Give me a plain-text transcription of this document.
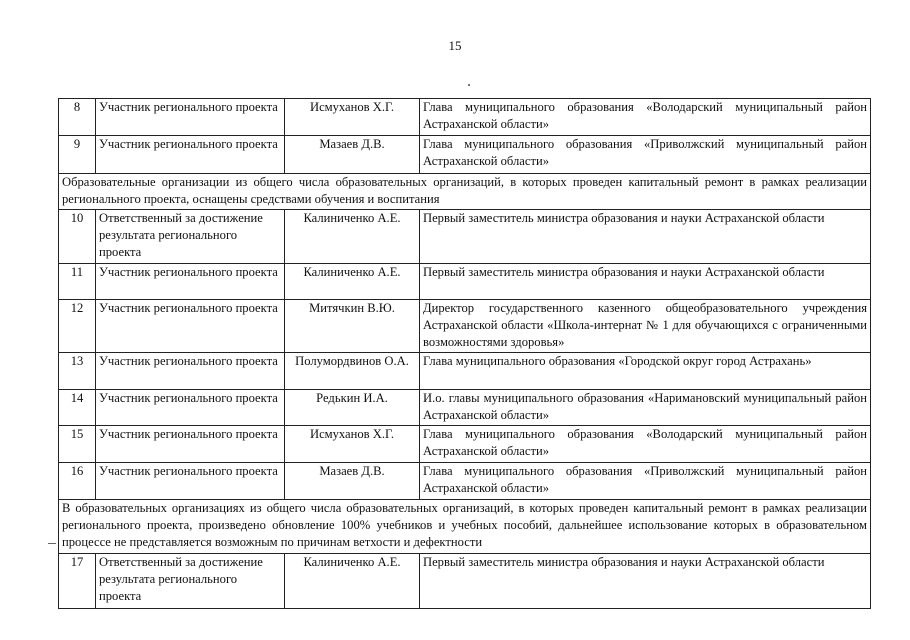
15
8	Участник регионального проекта	Исмуханов Х.Г.	Глава муниципального образования «Володарский муниципальный район Астраханской области»
9	Участник регионального проекта	Мазаев Д.В.	Глава муниципального образования «Приволжский муниципальный район Астраханской области»
Образовательные организации из общего числа образовательных организаций, в которых проведен капитальный ремонт в рамках реализации регионального проекта, оснащены средствами обучения и воспитания			
10	Ответственный за достижение результата регионального проекта	Калиниченко А.Е.	Первый заместитель министра образования и науки Астраханской области
11	Участник регионального проекта	Калиниченко А.Е.	Первый заместитель министра образования и науки Астраханской области
12	Участник регионального проекта	Митячкин В.Ю.	Директор государственного казенного общеобразовательного учреждения Астраханской области «Школа-интернат № 1 для обучающихся с ограниченными возможностями здоровья»
13	Участник регионального проекта	Полумордвинов О.А.	Глава муниципального образования «Городской округ город Астрахань»
14	Участник регионального проекта	Редькин И.А.	И.о. главы муниципального образования «Наримановский муниципальный район Астраханской области»
15	Участник регионального проекта	Исмуханов Х.Г.	Глава муниципального образования «Володарский муниципальный район Астраханской области»
16	Участник регионального проекта	Мазаев Д.В.	Глава муниципального образования «Приволжский муниципальный район Астраханской области»
В образовательных организациях из общего числа образовательных организаций, в которых проведен капитальный ремонт в рамках реализации регионального проекта, произведено обновление 100% учебников и учебных пособий, дальнейшее использование которых в образовательном процессе не представляется возможным по причинам ветхости и дефектности			
17	Ответственный за достижение результата регионального проекта	Калиниченко А.Е.	Первый заместитель министра образования и науки Астраханской области
